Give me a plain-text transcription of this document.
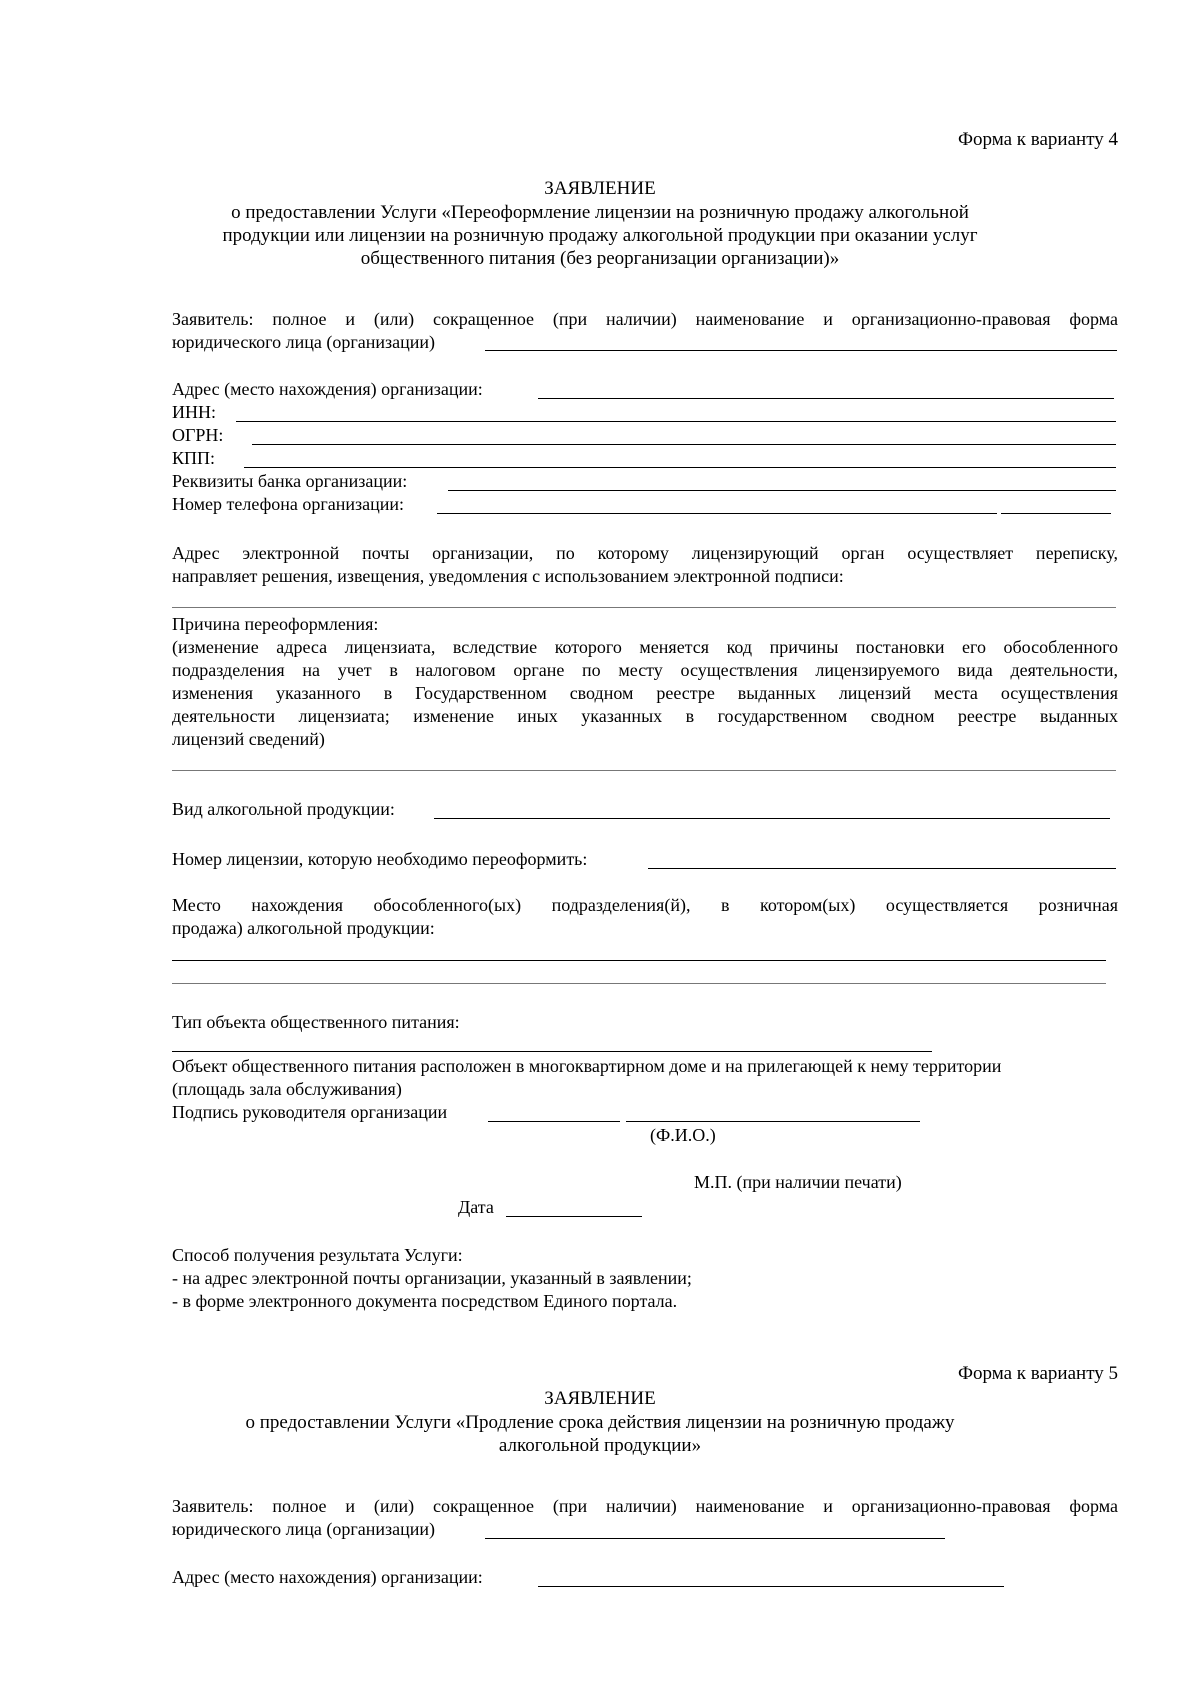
Форма к варианту 4
ЗАЯВЛЕНИЕ
о предоставлении Услуги «Переоформление лицензии на розничную продажу алкогольной
продукции или лицензии на розничную продажу алкогольной продукции при оказании услуг
общественного питания (без реорганизации организации)»
Заявитель: полное и (или) сокращенное (при наличии) наименование и организационно-правовая форма
юридического лица (организации)
Адрес (место нахождения) организации:
ИНН:
ОГРН:
КПП:
Реквизиты банка организации:
Номер телефона организации:
Адрес электронной почты организации, по которому лицензирующий орган осуществляет переписку,
направляет решения, извещения, уведомления с использованием электронной подписи:
Причина переоформления:
(изменение адреса лицензиата, вследствие которого меняется код причины постановки его обособленного
подразделения на учет в налоговом органе по месту осуществления лицензируемого вида деятельности,
изменения указанного в Государственном сводном реестре выданных лицензий места осуществления
деятельности лицензиата; изменение иных указанных в государственном сводном реестре выданных
лицензий сведений)
Вид алкогольной продукции:
Номер лицензии, которую необходимо переоформить:
Место нахождения обособленного(ых) подразделения(й), в котором(ых) осуществляется розничная
продажа) алкогольной продукции:
Тип объекта общественного питания:
Объект общественного питания расположен в многоквартирном доме и на прилегающей к нему территории
(площадь зала обслуживания)
Подпись руководителя организации
(Ф.И.О.)
М.П. (при наличии печати)
Дата
Способ получения результата Услуги:
- на адрес электронной почты организации, указанный в заявлении;
- в форме электронного документа посредством Единого портала.
Форма к варианту 5
ЗАЯВЛЕНИЕ
о предоставлении Услуги «Продление срока действия лицензии на розничную продажу
алкогольной продукции»
Заявитель: полное и (или) сокращенное (при наличии) наименование и организационно-правовая форма
юридического лица (организации)
Адрес (место нахождения) организации:
